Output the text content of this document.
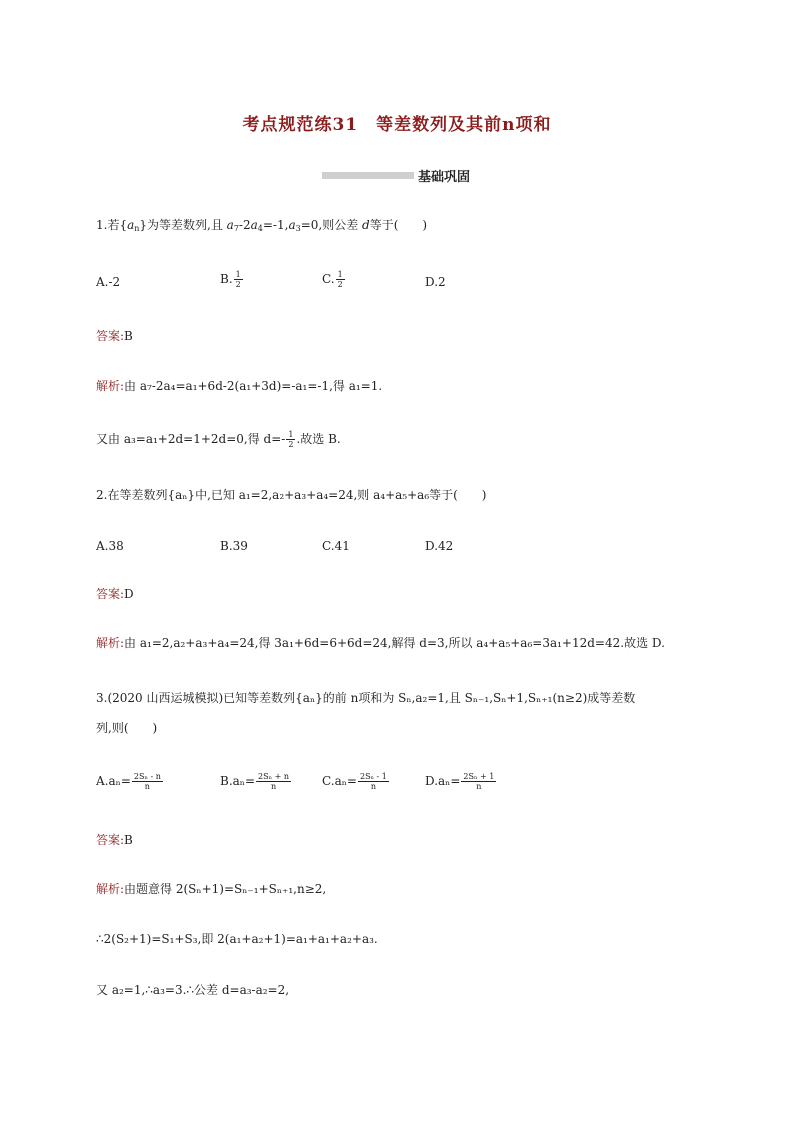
考点规范练31 等差数列及其前n项和
基础巩固
1.若$\{a_n\}$为等差数列,且 $a_7-2a_4=-1,a_3=0$,则公差 d等于(　　)
A.-2	B. $\frac{1}{2}$	C. $\frac{1}{2}$	D.2
答案:B
解析:由 a₇-2a₄=a₁+6d-2(a₁+3d)=-a₁=-1,得 a₁=1.
又由 a₃=a₁+2d=1+2d=0,得 $d=- \frac{1}{2}$ .故选 B.
2.在等差数列{aₙ}中,已知 a₁=2,a₂+a₃+a₄=24,则 a₄+a₅+a₆等于(　　)
A.38	B.39	C.41	D.42
答案:D
解析:由 a₁=2,a₂+a₃+a₄=24,得 3a₁+6d=6+6d=24,解得 d=3,所以 a₄+a₅+a₆=3a₁+12d=42.故选 D.
3.(2020 山西运城模拟)已知等差数列{aₙ}的前 n项和为 Sₙ,a₂=1,且 Sₙ₋₁,Sₙ+1,Sₙ₊₁(n≥2)成等差数
列,则(　　)
$A.a_n= \frac{\text{2Sₙ - n}}{n}$	$B.a_n= \frac{\text{2Sₙ + n}}{n}$	$C.a_n= \frac{\text{2Sₙ - 1}}{n}$	$D.a_n= \frac{\text{2Sₙ + 1}}{n}$
答案:B
解析:由题意得 2(Sₙ+1)=Sₙ₋₁+Sₙ₊₁,n≥2,
∴2(S₂+1)=S₁+S₃,即 2(a₁+a₂+1)=a₁+a₁+a₂+a₃.
又 a₂=1,∴a₃=3.∴公差 d=a₃-a₂=2,
